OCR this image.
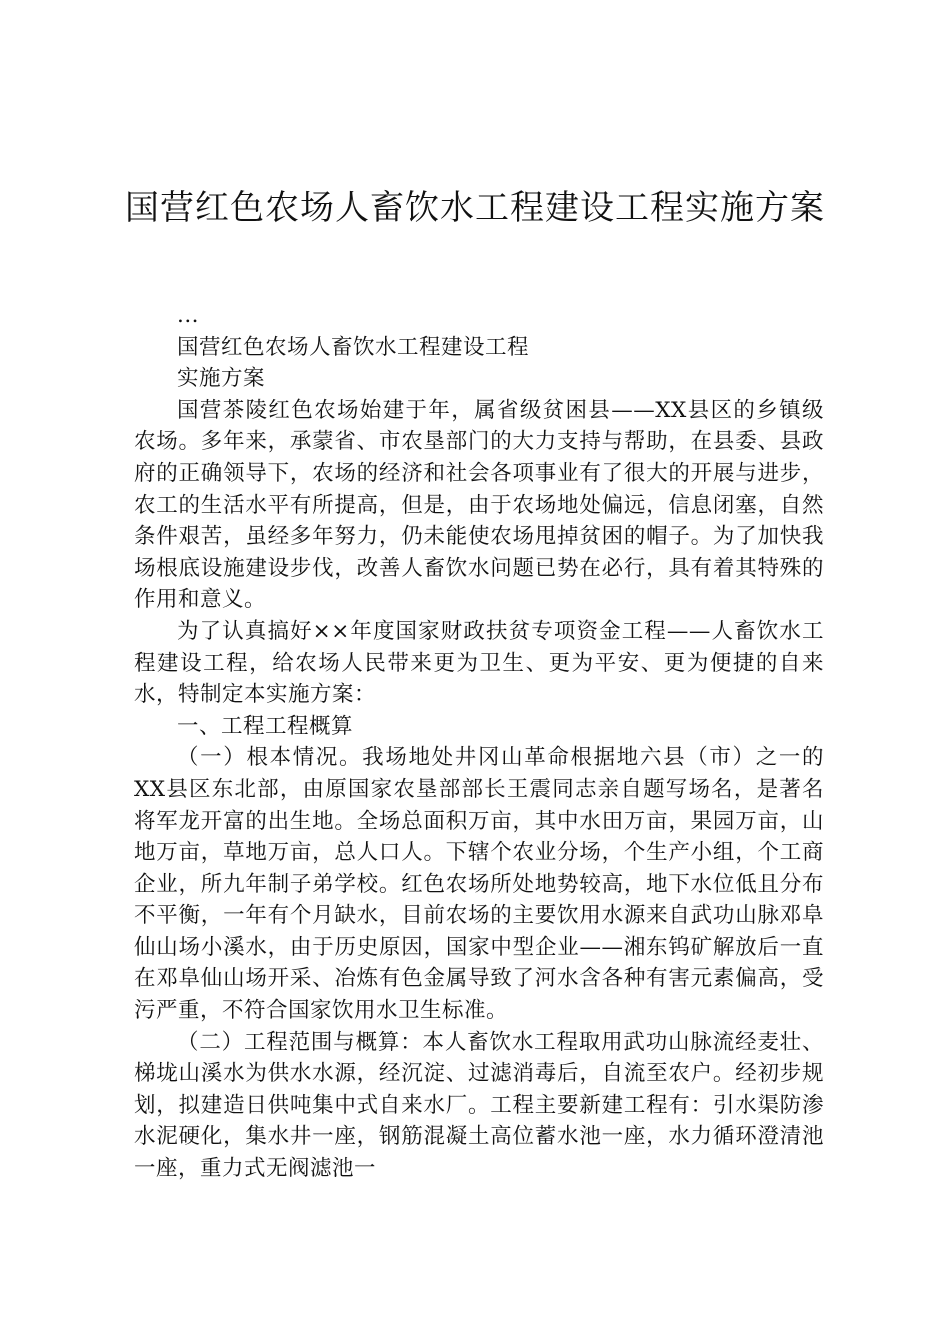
国营红色农场人畜饮水工程建设工程实施方案

...

国营红色农场人畜饮水工程建设工程

实施方案

国营茶陵红色农场始建于年，属省级贫困县——XX县区的乡镇级农场。多年来，承蒙省、市农垦部门的大力支持与帮助，在县委、县政府的正确领导下，农场的经济和社会各项事业有了很大的开展与进步，农工的生活水平有所提高，但是，由于农场地处偏远，信息闭塞，自然条件艰苦，虽经多年努力，仍未能使农场甩掉贫困的帽子。为了加快我场根底设施建设步伐，改善人畜饮水问题已势在必行，具有着其特殊的作用和意义。

为了认真搞好××年度国家财政扶贫专项资金工程——人畜饮水工程建设工程，给农场人民带来更为卫生、更为平安、更为便捷的自来水，特制定本实施方案：

一、工程工程概算

（一）根本情况。我场地处井冈山革命根据地六县（市）之一的XX县区东北部，由原国家农垦部部长王震同志亲自题写场名，是著名将军龙开富的出生地。全场总面积万亩，其中水田万亩，果园万亩，山地万亩，草地万亩，总人口人。下辖个农业分场，个生产小组，个工商企业，所九年制子弟学校。红色农场所处地势较高，地下水位低且分布不平衡，一年有个月缺水，目前农场的主要饮用水源来自武功山脉邓阜仙山场小溪水，由于历史原因，国家中型企业——湘东钨矿解放后一直在邓阜仙山场开采、冶炼有色金属导致了河水含各种有害元素偏高，受污严重，不符合国家饮用水卫生标准。

（二）工程范围与概算：本人畜饮水工程取用武功山脉流经麦壮、梯垅山溪水为供水水源，经沉淀、过滤消毒后，自流至农户。经初步规划，拟建造日供吨集中式自来水厂。工程主要新建工程有：引水渠防渗水泥硬化，集水井一座，钢筋混凝土高位蓄水池一座，水力循环澄清池一座，重力式无阀滤池一
